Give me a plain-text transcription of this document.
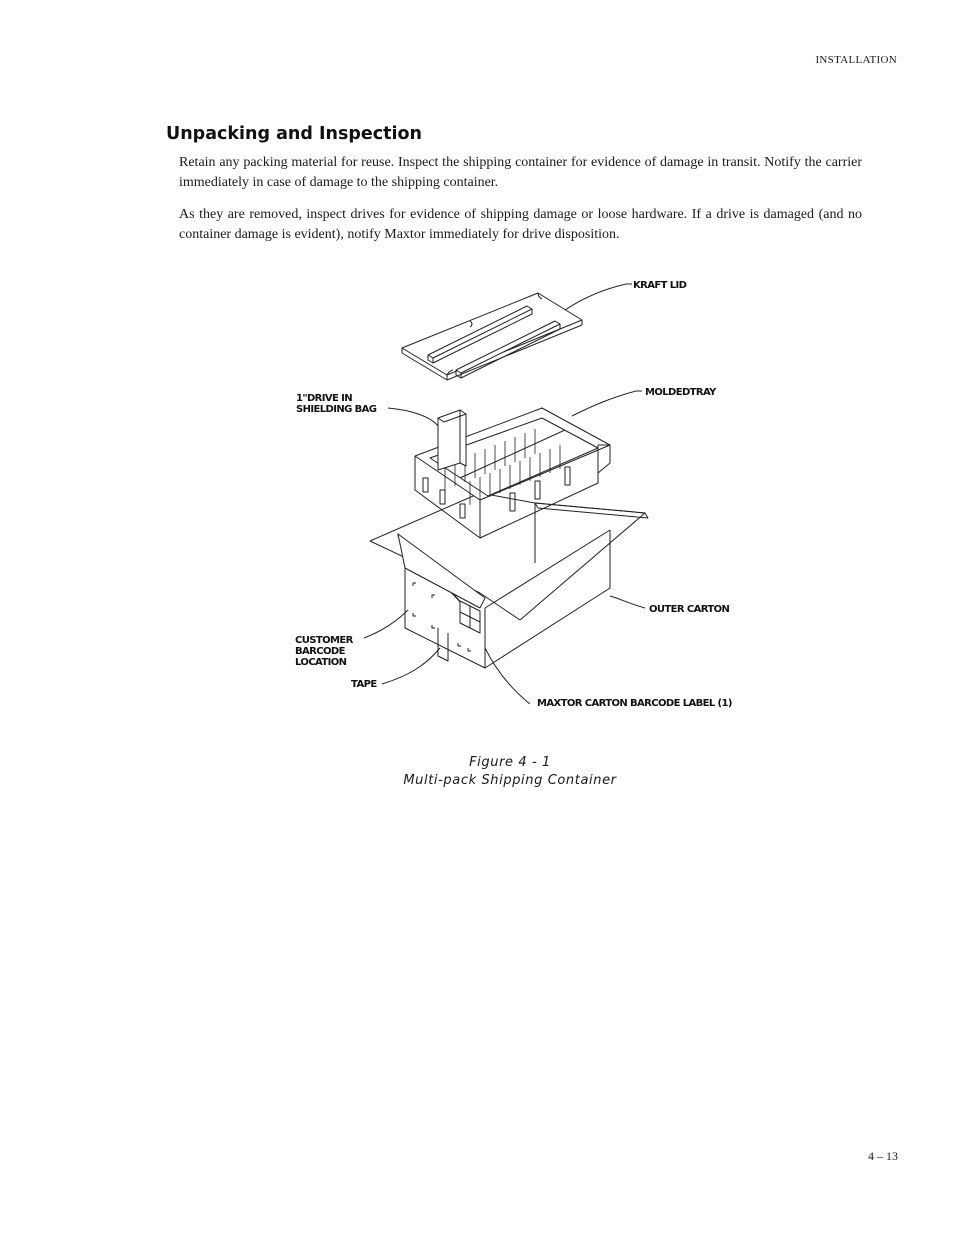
INSTALLATION
Unpacking and Inspection

Retain any packing material for reuse. Inspect the shipping container for evidence of damage in transit. Notify the carrier immediately in case of damage to the shipping container.

As they are removed, inspect drives for evidence of shipping damage or loose hardware. If a drive is damaged (and no container damage is evident), notify Maxtor immediately for drive disposition.

KRAFT LID
MOLDEDTRAY
1"DRIVE IN
SHIELDING BAG
OUTER CARTON
CUSTOMER
BARCODE
LOCATION
TAPE
MAXTOR CARTON BARCODE LABEL (1)
Figure 4 - 1
Multi-pack Shipping Container
4 – 13
